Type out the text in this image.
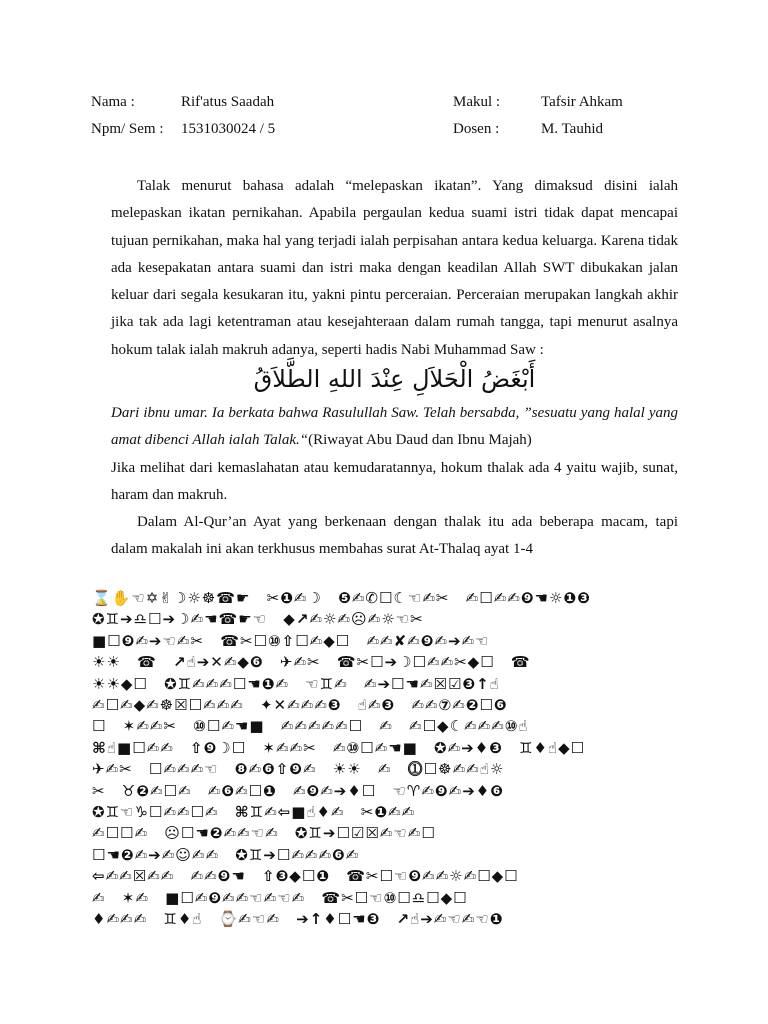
Nama :	Rif'atus Saadah	Makul :	Tafsir Ahkam
Npm/ Sem : 1531030024 / 5	Dosen :	M. Tauhid

Talak menurut bahasa adalah “melepaskan ikatan”. Yang dimaksud disini ialah melepaskan ikatan pernikahan. Apabila pergaulan kedua suami istri tidak dapat mencapai tujuan pernikahan, maka hal yang terjadi ialah perpisahan antara kedua keluarga. Karena tidak ada kesepakatan antara suami dan istri maka dengan keadilan Allah SWT dibukakan jalan keluar dari segala kesukaran itu, yakni pintu perceraian. Perceraian merupakan langkah akhir jika tak ada lagi ketentraman atau kesejahteraan dalam rumah tangga, tapi menurut asalnya hokum talak ialah makruh adanya, seperti hadis Nabi Muhammad Saw :

أَبْغَضُ الْحَلاَلِ عِنْدَ اللهِ الطَّلاَقُ

Dari ibnu umar. Ia berkata bahwa Rasulullah Saw. Telah bersabda, ”sesuatu yang halal yang amat dibenci Allah ialah Talak.“(Riwayat Abu Daud dan Ibnu Majah)

Jika melihat dari kemaslahatan atau kemudaratannya, hokum thalak ada 4 yaitu wajib, sunat, haram dan makruh.

Dalam Al-Qur’an Ayat yang berkenaan dengan thalak itu ada beberapa macam, tapi dalam makalah ini akan terkhusus membahas surat At-Thalaq ayat 1-4

⌛✋☜✡✌☽☼☸☎☛ ✂❶✍☽ ❺✍✆☐☾☜✍✂ ✍☐✍✍❾☚☼❶❸
✪♊➔♎☐➔☽✍☚☎☛☜ ◆↗✍☼✍☹✍☼☜✂
■☐❾✍➔☜✍✂ ☎✂☐⑩⇧☐✍◆☐ ✍✍✘✍❾✍➔✍☜
☀☀ ☎ ↗☝➔✕✍◆❻ ✈✍✂ ☎✂☐➔☽☐✍✍✂◆☐ ☎
☀☀◆☐ ✪♊✍✍✍☐☚❶✍ ☜♊✍ ✍➔☐☚✍☒☑❸↑☝
✍☐✍◆✍☸☒☐✍✍✍ ✦✕✍✍✍❸ ☝✍❸ ✍✍⑦✍❷☐❻
☐ ✶✍✍✂ ⑩☐✍☚■ ✍✍✍✍✍☐ ✍ ✍☐◆☾✍✍✍⑩☝
⌘☝■☐✍✍ ⇧❾☽☐ ✶✍✍✂ ✍⑩☐✍☚■ ✪✍➔♦❸ ♊♦☝◆☐
✈✍✂ ☐✍✍✍☜ ❽✍❻⇧❾✍ ☀☀ ✍ ⓵☐☸✍✍☝☼
✂ ♉❷✍☐✍ ✍❻✍☐❶ ✍❾✍➔♦☐ ☜♈✍❾✍➔♦❻
✪♊☜♑☐✍✍☐✍ ⌘♊✍⇦■☝♦✍ ✂❶✍✍
✍☐☐✍ ☹☐☚❷✍✍☜✍ ✪♊➔☐☑☒✍☜✍☐
☐☚❷✍➔✍☺✍✍ ✪♊➔☐✍✍✍❻✍
⇦✍✍☒✍✍ ✍✍❾☚ ⇧❸◆☐❶ ☎✂☐☜❾✍✍☼✍☐◆☐
✍ ✶✍ ■☐✍❾✍✍☜✍☜✍ ☎✂☐☜⑩☐♎☐◆☐
♦✍✍✍ ♊♦☝ ⌚✍☜✍ ➔↑♦☐☚❸ ↗☝➔✍☜✍☜❶
